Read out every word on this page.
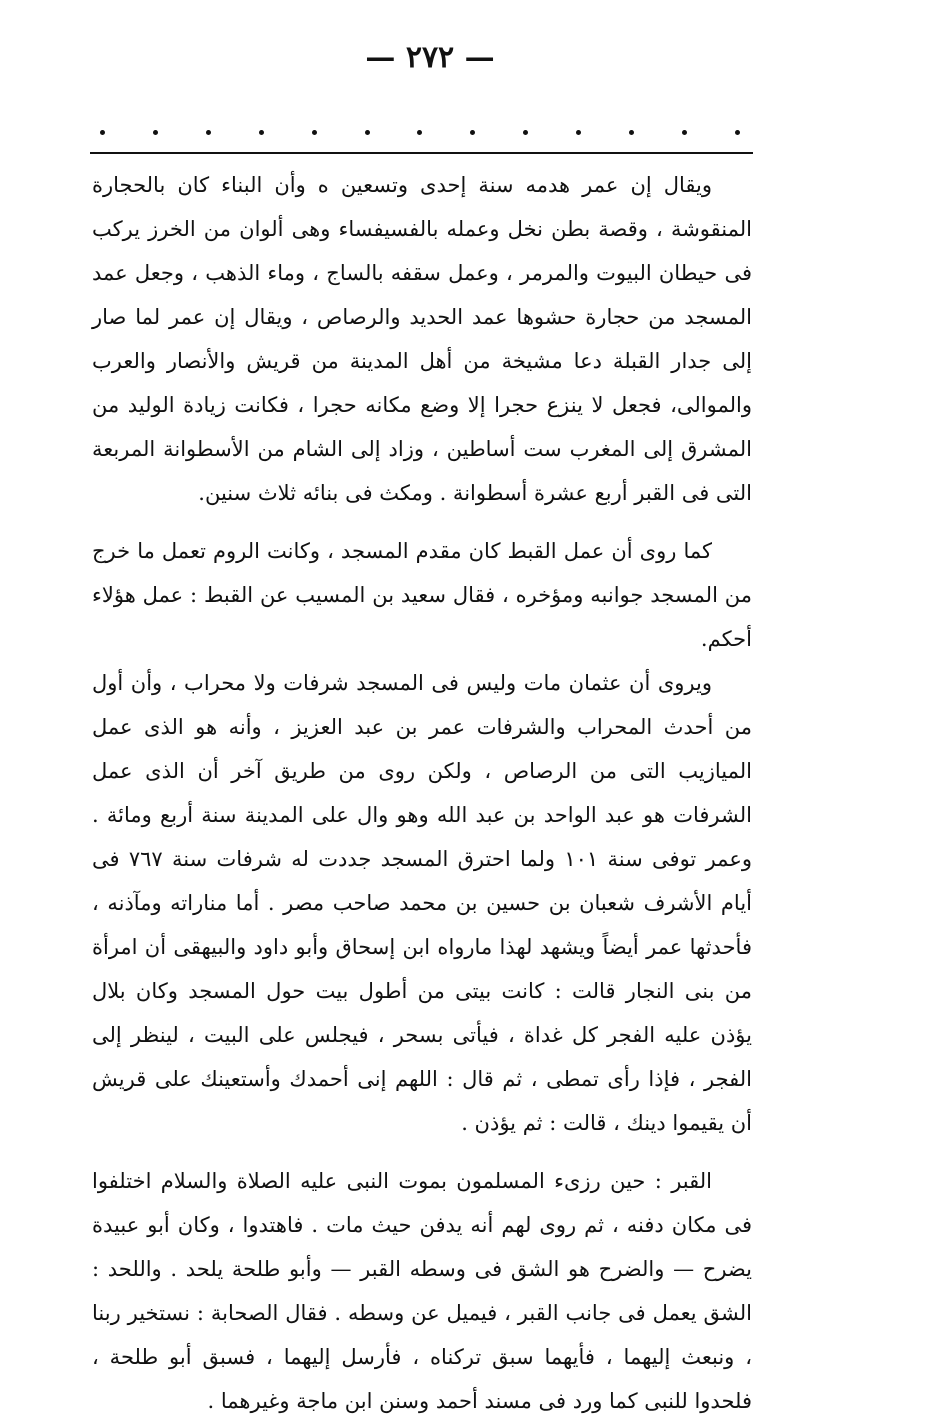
— ٢٧٢ —

ويقال إن عمر هدمه سنة إحدى وتسعين ه وأن البناء كان بالحجارة المنقوشة ، وقصة بطن نخل وعمله بالفسيفساء وهى ألوان من الخرز يركب فى حيطان البيوت والمرمر ، وعمل سقفه بالساج ، وماء الذهب ، وجعل عمد المسجد من حجارة حشوها عمد الحديد والرصاص ، ويقال إن عمر لما صار إلى جدار القبلة دعا مشيخة من أهل المدينة من قريش والأنصار والعرب والموالى، فجعل لا ينزع حجرا إلا وضع مكانه حجرا ، فكانت زيادة الوليد من المشرق إلى المغرب ست أساطين ، وزاد إلى الشام من الأسطوانة المربعة التى فى القبر أربع عشرة أسطوانة . ومكث فى بنائه ثلاث سنين.

كما روى أن عمل القبط كان مقدم المسجد ، وكانت الروم تعمل ما خرج من المسجد جوانبه ومؤخره ، فقال سعيد بن المسيب عن القبط : عمل هؤلاء أحكم.

ويروى أن عثمان مات وليس فى المسجد شرفات ولا محراب ، وأن أول من أحدث المحراب والشرفات عمر بن عبد العزيز ، وأنه هو الذى عمل الميازيب التى من الرصاص ، ولكن روى من طريق آخر أن الذى عمل الشرفات هو عبد الواحد بن عبد الله وهو وال على المدينة سنة أربع ومائة . وعمر توفى سنة ١٠١ ولما احترق المسجد جددت له شرفات سنة ٧٦٧ فى أيام الأشرف شعبان بن حسين بن محمد صاحب مصر . أما مناراته ومآذنه ، فأحدثها عمر أيضاً ويشهد لهذا مارواه ابن إسحاق وأبو داود والبيهقى أن امرأة من بنى النجار قالت : كانت بيتى من أطول بيت حول المسجد وكان بلال يؤذن عليه الفجر كل غداة ، فيأتى بسحر ، فيجلس على البيت ، لينظر إلى الفجر ، فإذا رأى تمطى ، ثم قال : اللهم إنى أحمدك وأستعينك على قريش أن يقيموا دينك ، قالت : ثم يؤذن .

القبر : حين رزىء المسلمون بموت النبى عليه الصلاة والسلام اختلفوا فى مكان دفنه ، ثم روى لهم أنه يدفن حيث مات . فاهتدوا ، وكان أبو عبيدة يضرح — والضرح هو الشق فى وسطه القبر — وأبو طلحة يلحد . واللحد : الشق يعمل فى جانب القبر ، فيميل عن وسطه . فقال الصحابة : نستخير ربنا ، ونبعث إليهما ، فأيهما سبق تركناه ، فأرسل إليهما ، فسبق أبو طلحة ، فلحدوا للنبى كما ورد فى مسند أحمد وسنن ابن ماجة وغيرهما .
